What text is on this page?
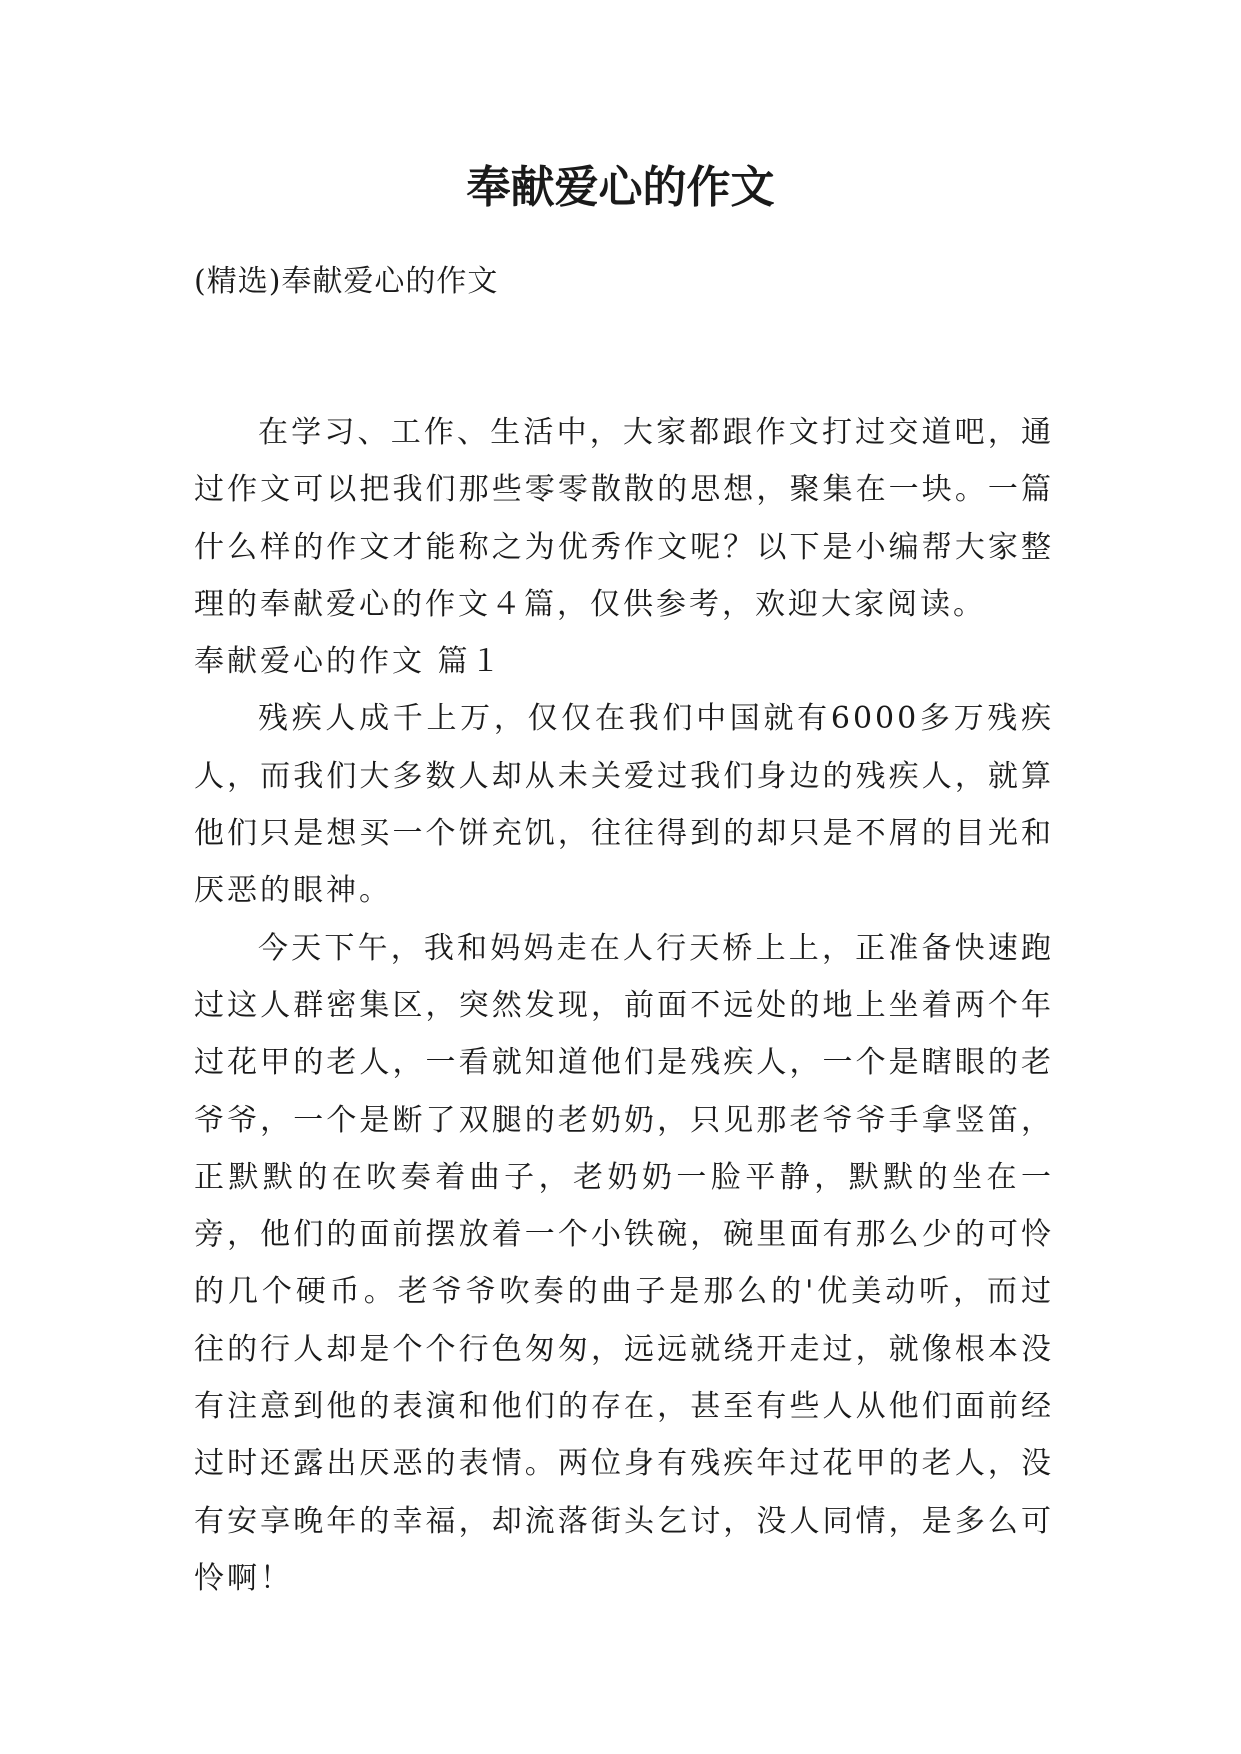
奉献爱心的作文

(精选)奉献爱心的作文

在学习、工作、生活中，大家都跟作文打过交道吧，通过作文可以把我们那些零零散散的思想，聚集在一块。一篇什么样的作文才能称之为优秀作文呢？以下是小编帮大家整理的奉献爱心的作文４篇，仅供参考，欢迎大家阅读。

奉献爱心的作文 篇１

残疾人成千上万，仅仅在我们中国就有6000多万残疾人，而我们大多数人却从未关爱过我们身边的残疾人，就算他们只是想买一个饼充饥，往往得到的却只是不屑的目光和厌恶的眼神。

今天下午，我和妈妈走在人行天桥上上，正准备快速跑过这人群密集区，突然发现，前面不远处的地上坐着两个年过花甲的老人，一看就知道他们是残疾人，一个是瞎眼的老爷爷，一个是断了双腿的老奶奶，只见那老爷爷手拿竖笛，正默默的在吹奏着曲子，老奶奶一脸平静，默默的坐在一旁，他们的面前摆放着一个小铁碗，碗里面有那么少的可怜的几个硬币。老爷爷吹奏的曲子是那么的'优美动听，而过往的行人却是个个行色匆匆，远远就绕开走过，就像根本没有注意到他的表演和他们的存在，甚至有些人从他们面前经过时还露出厌恶的表情。两位身有残疾年过花甲的老人，没有安享晚年的幸福，却流落街头乞讨，没人同情，是多么可怜啊！
